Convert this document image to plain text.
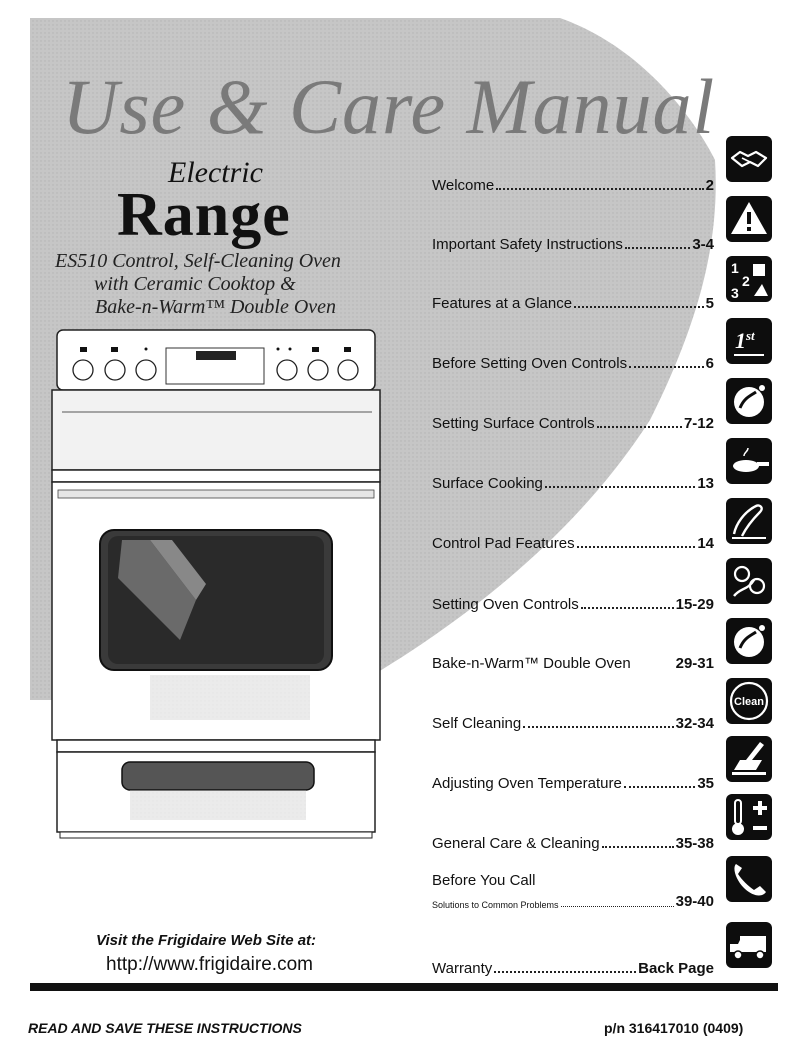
Use & Care Manual
Electric
Range
ES510 Control, Self-Cleaning Oven
with Ceramic Cooktop &
Bake-n-Warm™ Double Oven
Welcome	2
Important Safety Instructions	3-4
Features at a Glance	5
Before Setting Oven Controls	6
Setting Surface Controls	7-12
Surface Cooking	13
Control Pad Features	14
Setting Oven Controls	15-29
Bake-n-Warm™ Double Oven	29-31
Self Cleaning	32-34
Adjusting Oven Temperature	35
General Care & Cleaning	35-38
Before You Call
Solutions to Common Problems	39-40
Warranty	Back Page
1
2
3
1 st
Clean
Visit the Frigidaire Web Site at:
http://www.frigidaire.com
READ AND SAVE THESE INSTRUCTIONS	p/n 316417010 (0409)
